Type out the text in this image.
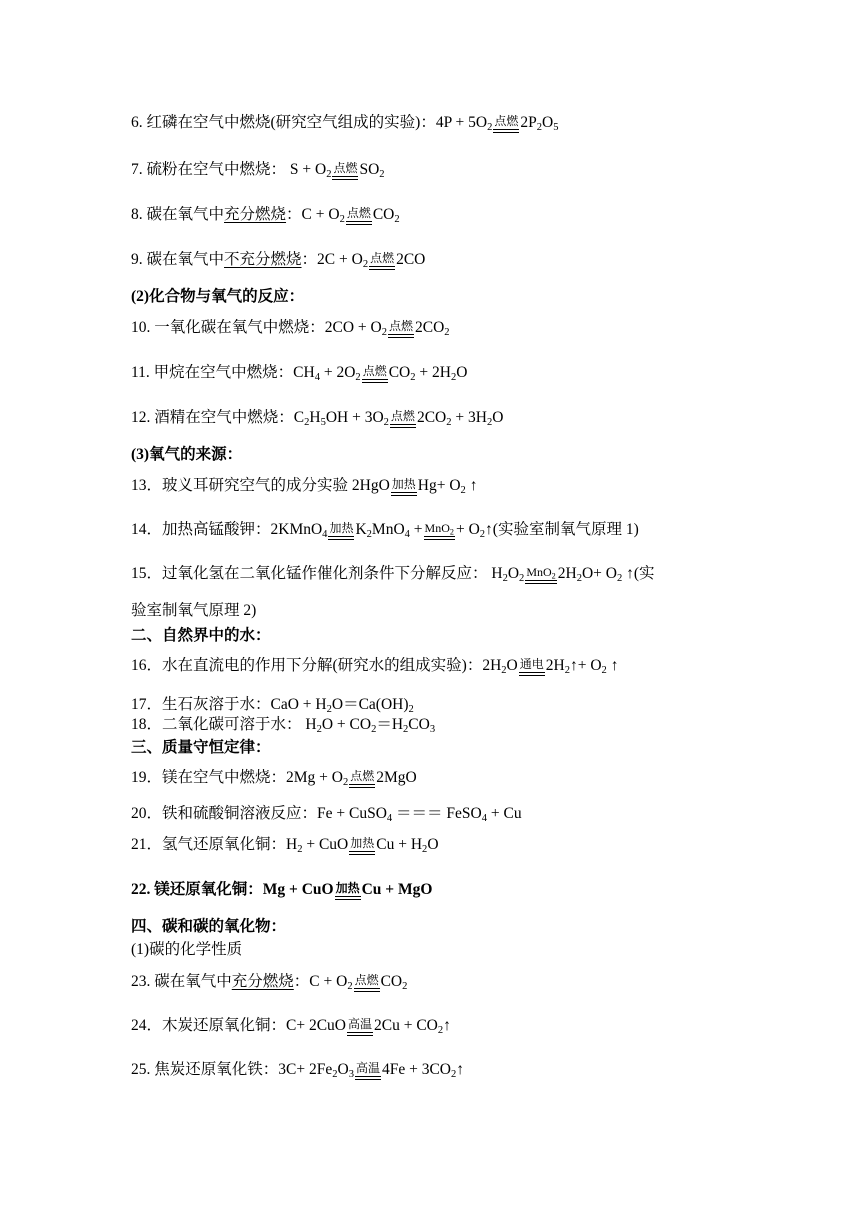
6. 红磷在空气中燃烧(研究空气组成的实验)：$4P + 5O_2$ 点燃 $2P_2O_5$
7. 硫粉在空气中燃烧： $S + O_2$ 点燃 $SO_2$
8. 碳在氧气中充分燃烧：$C + O_2$ 点燃 $CO_2$
9. 碳在氧气中不充分燃烧：$2C + O_2$ 点燃 2CO
(2)化合物与氧气的反应：
10. 一氧化碳在氧气中燃烧：$2CO + O_2$ 点燃 $2CO_2$
11. 甲烷在空气中燃烧：$CH_4 + 2O_2$ 点燃 $CO_2 + 2H_2O$
12. 酒精在空气中燃烧：$C_2H_5OH + 3O_2$ 点燃 $2CO_2 + 3H_2O$
(3)氧气的来源：
13．玻义耳研究空气的成分实验 2HgO 加热 $Hg+ O_2$ ↑
14．加热高锰酸钾：2KMnO$_4$ 加热 $K_2MnO_4 + MnO_2$ + $O_2↑$(实验室制氧气原理 1)
15．过氧化氢在二氧化锰作催化剂条件下分解反应： $H_2O_2$ MnO$_2$ $2H_2O+ O_2$ ↑(实
验室制氧气原理 2)
二、自然界中的水：
16．水在直流电的作用下分解(研究水的组成实验)：$2H_2O$ 通电 $2H_2↑+ O_2$ ↑
17．生石灰溶于水：CaO + $H_2O=Ca(OH)_2$
18．二氧化碳可溶于水： $H_2O + CO_2=H_2CO_3$
三、质量守恒定律：
19．镁在空气中燃烧：$2Mg + O_2$ 点燃 2MgO
20．铁和硫酸铜溶液反应：Fe + CuSO$_4$ ＝＝＝ FeSO$_4$ + Cu
21．氢气还原氧化铜：$H_2$ + CuO 加热 $Cu + H_2O$
22. 镁还原氧化铜：Mg + CuO 加热 Cu + MgO
四、碳和碳的氧化物：
(1)碳的化学性质
23. 碳在氧气中充分燃烧：$C + O_2$ 点燃 $CO_2$
24．木炭还原氧化铜：C+ 2CuO 高温 $2Cu + CO_2↑$
25. 焦炭还原氧化铁：$3C+ 2Fe_2O_3$ 高温 $4Fe + 3CO_2↑$
